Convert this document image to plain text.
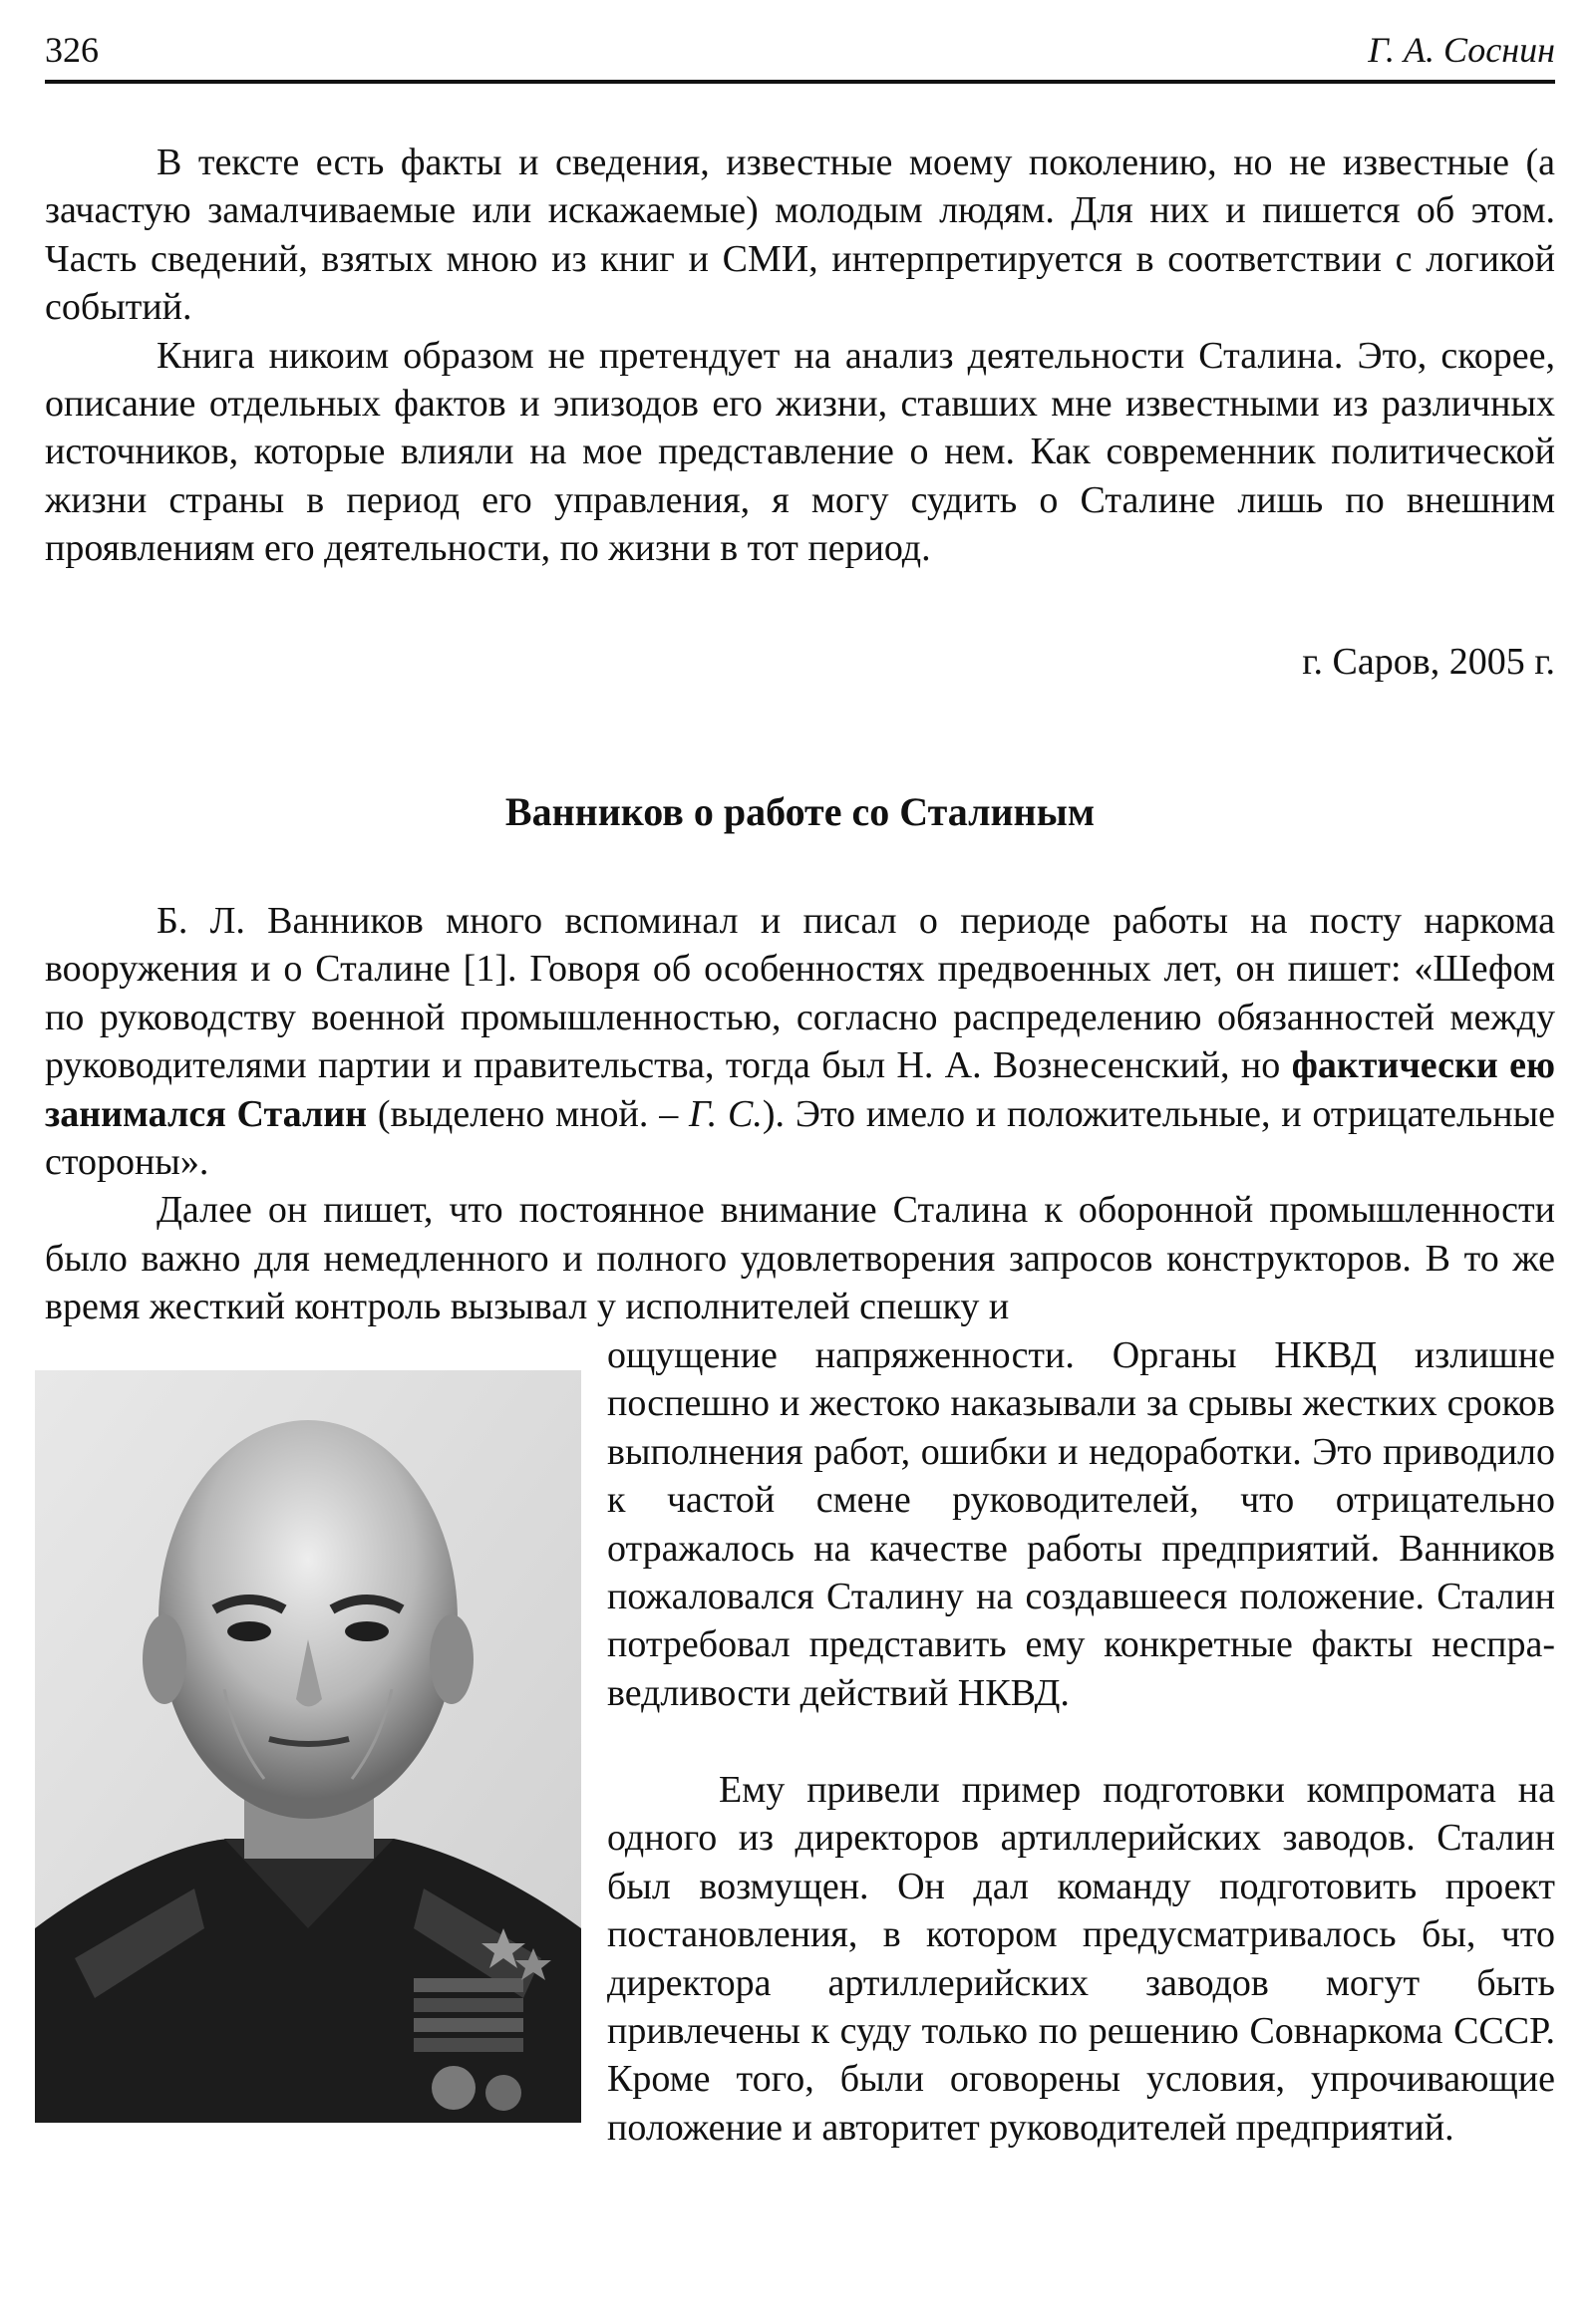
326	Г. А. Соснин

В тексте есть факты и сведения, известные моему поколению, но не известные (а зачастую замалчиваемые или искажаемые) молодым людям. Для них и пишется об этом. Часть сведений, взятых мною из книг и СМИ, интерпретируется в соответствии с логикой событий.

Книга никоим образом не претендует на анализ деятельности Сталина. Это, скорее, описание отдельных фактов и эпизодов его жизни, ставших мне известными из различных источников, которые влияли на мое представление о нем. Как современник политической жизни страны в период его управления, я могу судить о Сталине лишь по внешним проявлениям его деятельности, по жизни в тот период.

г. Саров, 2005 г.
Ванников о работе со Сталиным

Б. Л. Ванников много вспоминал и писал о периоде работы на посту наркома вооружения и о Сталине [1]. Говоря об особенностях предвоенных лет, он пишет: «Шефом по руководству военной промышленностью, согласно распределению обязанностей между руководителями партии и правительства, тогда был Н. А. Вознесенский, но фактически ею занимался Сталин (выделено мной. – Г. С.). Это имело и положительные, и отрицательные стороны».

Далее он пишет, что постоянное внимание Сталина к оборонной промышленности было важно для немедленного и полного удовлетворения запросов конструкторов. В то же время жесткий контроль вызывал у исполнителей спешку и

ощущение напряженности. Органы НКВД излишне поспешно и жестоко наказывали за срывы жестких сроков выполнения работ, ошибки и недоработки. Это приводило к частой смене руководителей, что отрицательно отражалось на качестве работы предприятий. Ванников пожаловался Сталину на создавшееся положение. Сталин потребовал представить ему конкретные факты несправедливости действий НКВД.

Ему привели пример подготовки компромата на одного из директоров артиллерийских заводов. Сталин был возмущен. Он дал команду подготовить проект постановления, в котором предусматривалось бы, что директора артиллерийских заводов могут быть привлечены к суду только по решению Совнаркома СССР. Кроме того, были оговорены условия, упрочивающие положение и авторитет руководителей предприятий.
